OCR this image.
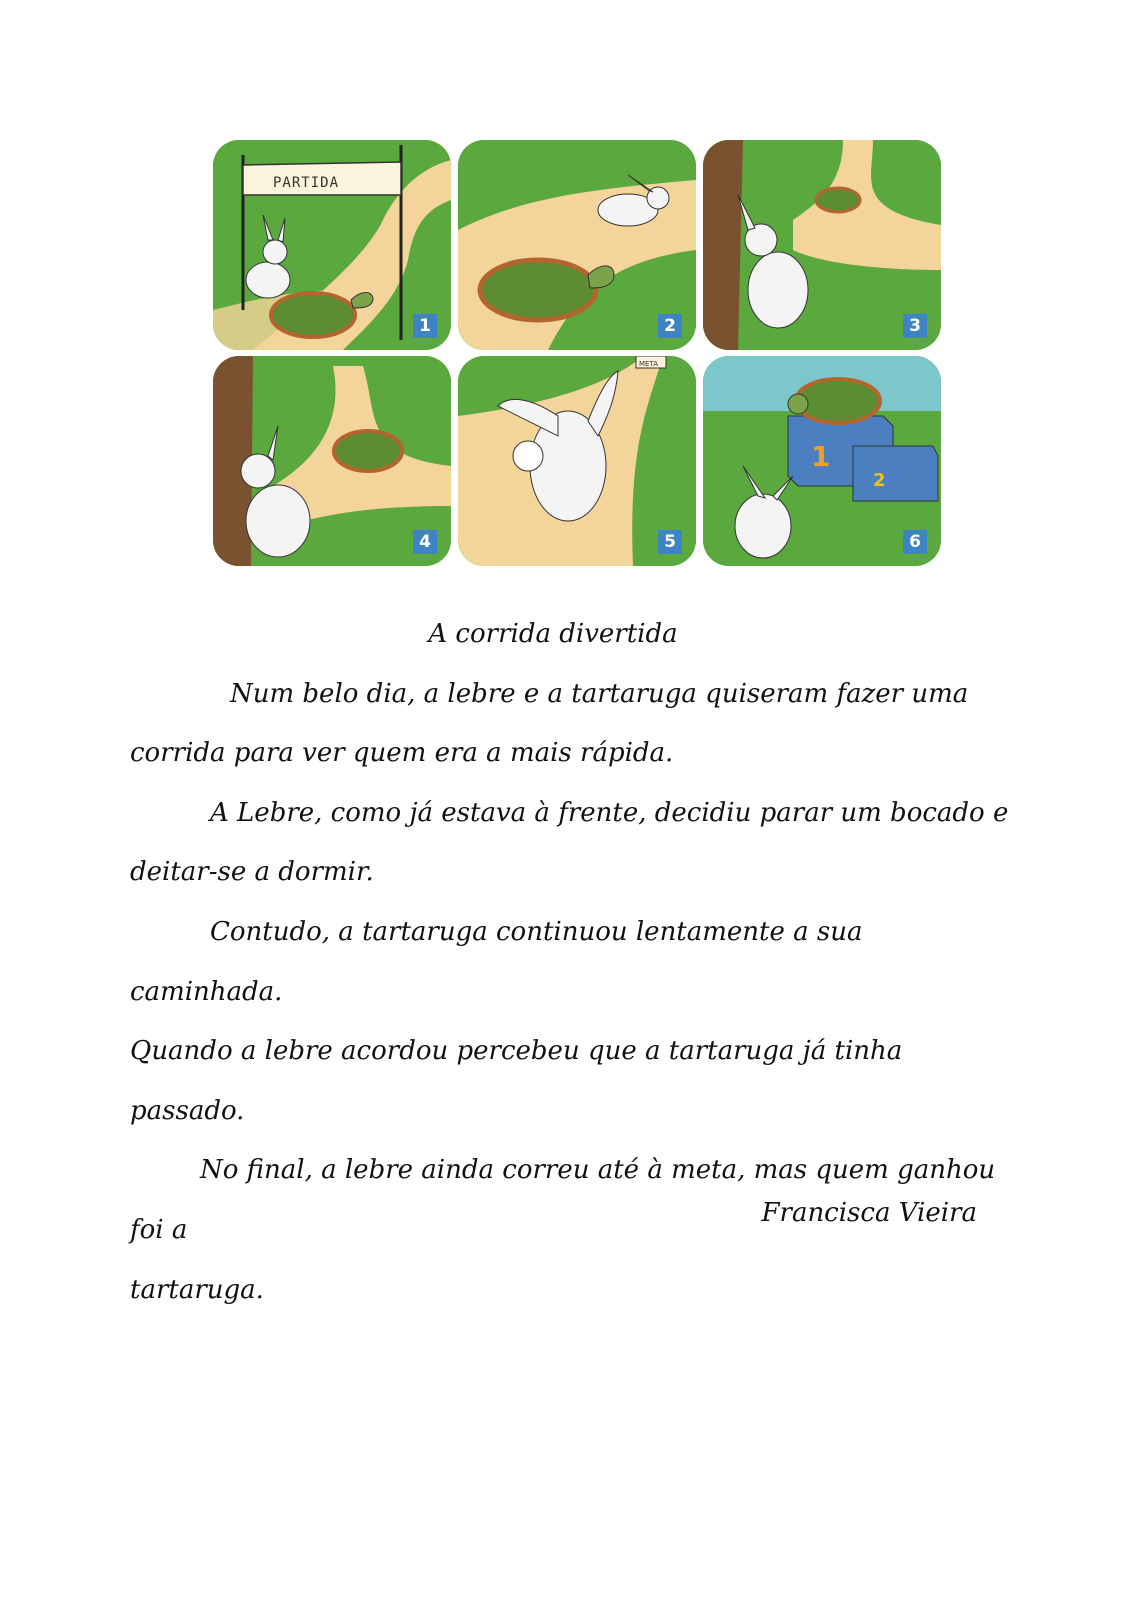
PARTIDA
1	2	3
4
META
5
1
2
6

A corrida divertida

Num belo dia, a lebre e a tartaruga quiseram fazer uma

corrida para ver quem era a mais rápida.

A Lebre, como já estava à frente, decidiu parar um bocado e

deitar-se a dormir.

Contudo, a tartaruga continuou lentamente a sua caminhada.

Quando a lebre acordou percebeu que a tartaruga já tinha passado.

No final, a lebre ainda correu até à meta, mas quem ganhou foi a

tartaruga.

Francisca Vieira
